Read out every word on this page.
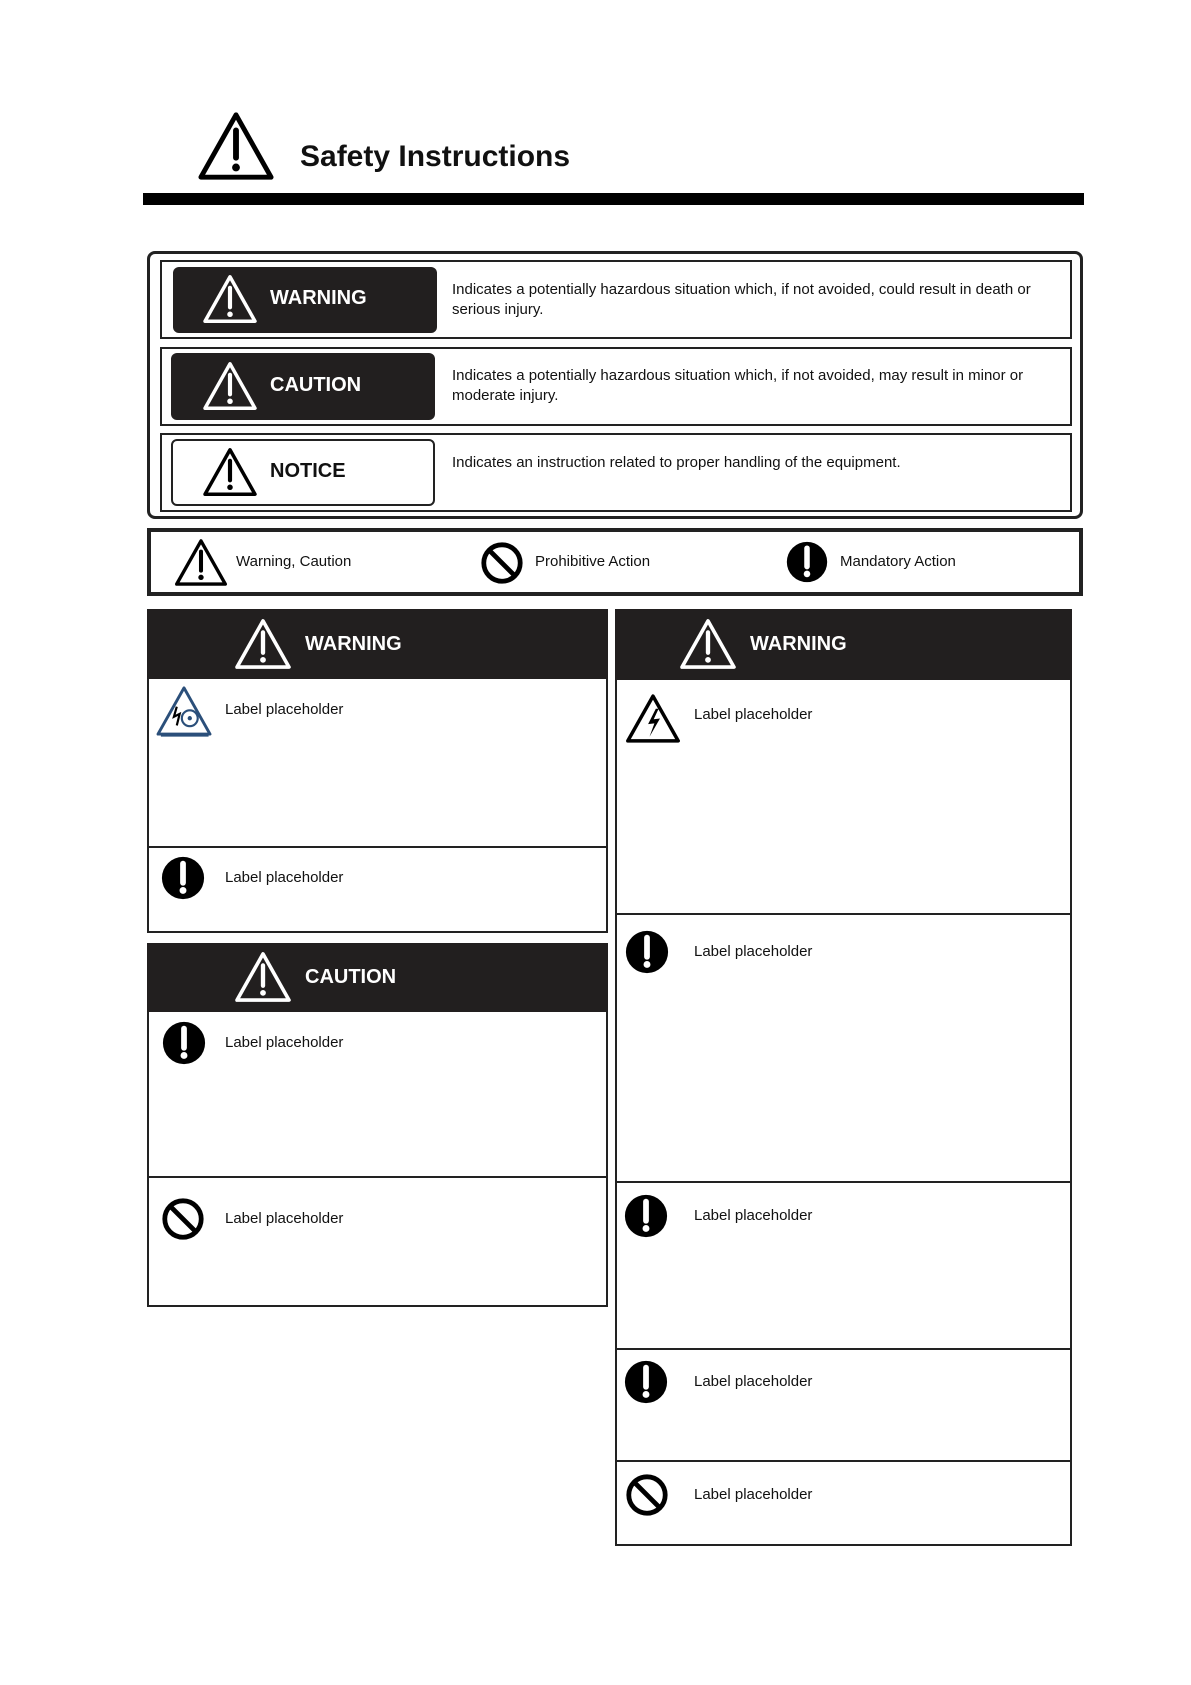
Safety Instructions
WARNING	Indicates a potentially hazardous situation which, if not avoided, could result in death or serious injury.
CAUTION	Indicates a potentially hazardous situation which, if not avoided, may result in minor or moderate injury.
NOTICE	Indicates an instruction related to proper handling of the equipment.
Warning, Caution	Prohibitive Action	Mandatory Action
WARNING
Label placeholder
Label placeholder
CAUTION
Label placeholder
Label placeholder
WARNING
Label placeholder
Label placeholder
Label placeholder
Label placeholder
Label placeholder
